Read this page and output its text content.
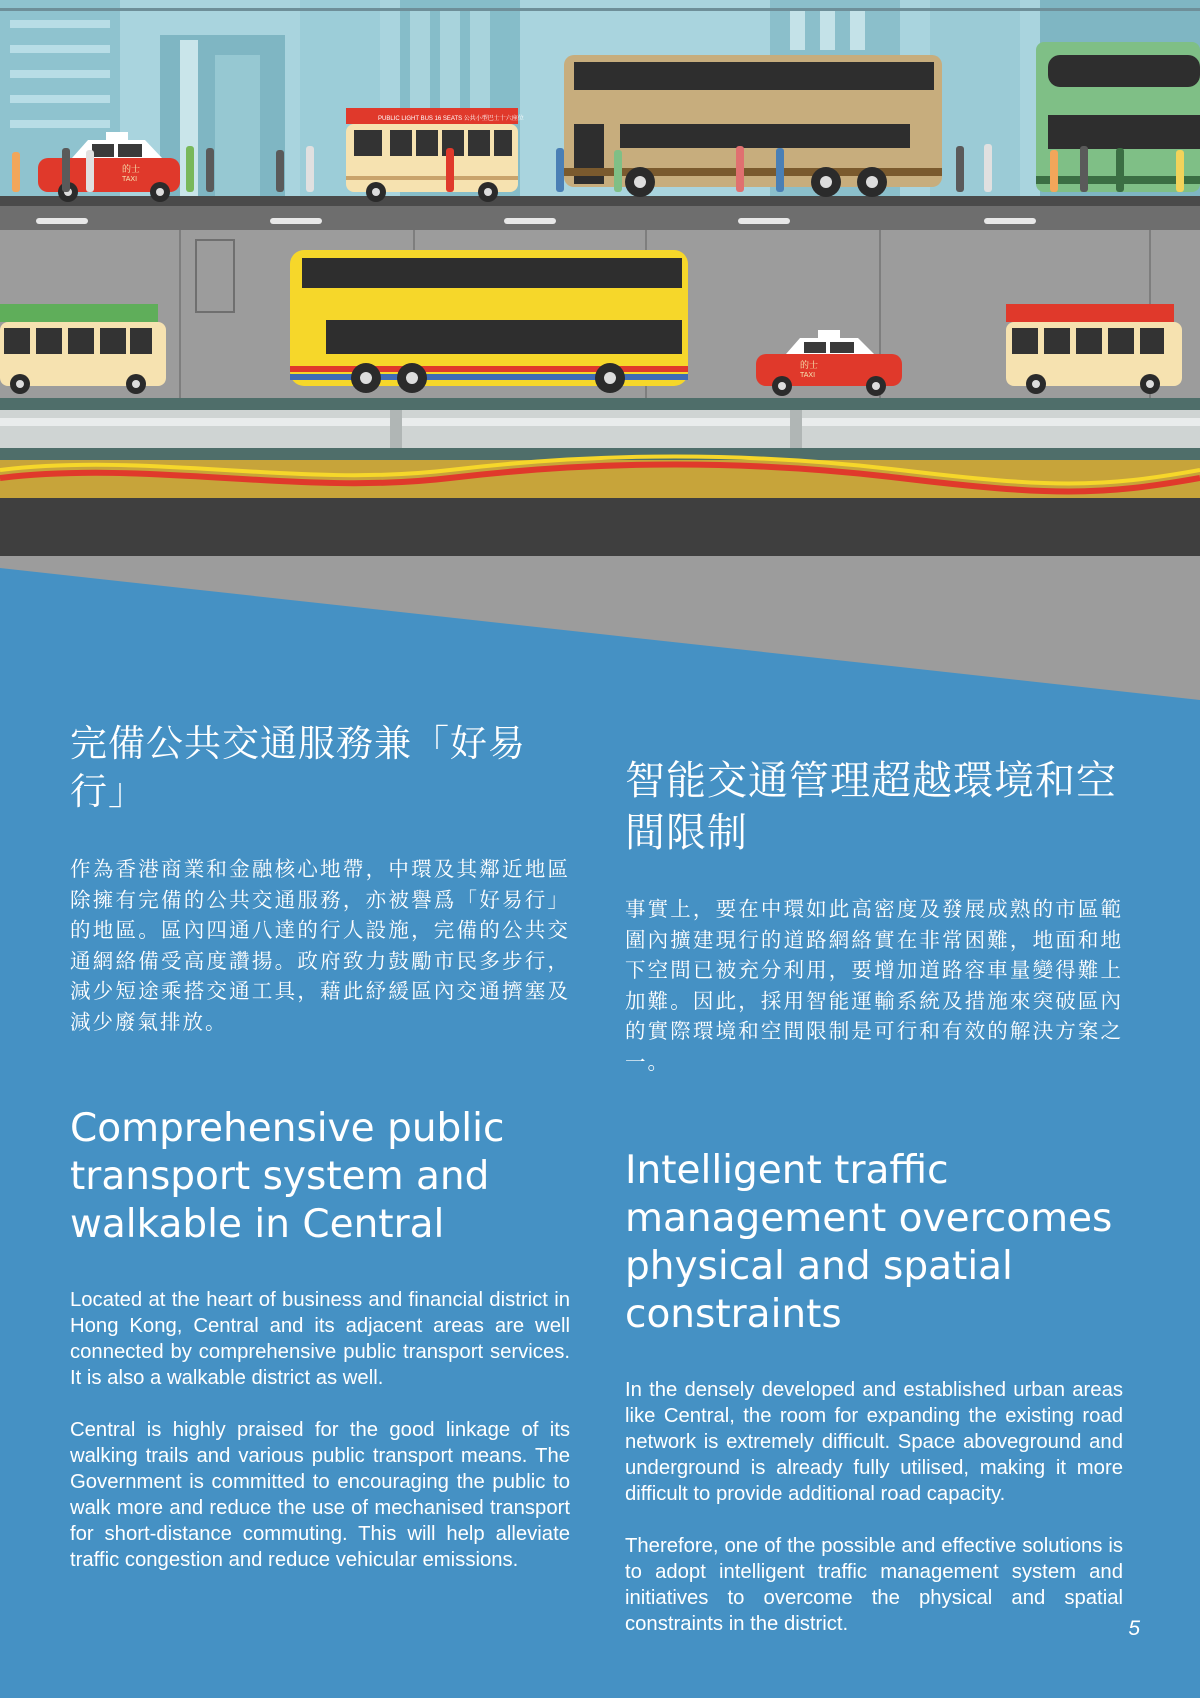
的士
TAXI
PUBLIC LIGHT BUS 16 SEATS 公共小型巴士十六座位
的士
TAXI
完備公共交通服務兼「好易行」

作為香港商業和金融核心地帶，中環及其鄰近地區除擁有完備的公共交通服務，亦被譽爲「好易行」的地區。區內四通八達的行人設施，完備的公共交通網絡備受高度讚揚。政府致力鼓勵市民多步行，減少短途乘搭交通工具，藉此紓緩區內交通擠塞及減少廢氣排放。

Comprehensive public transport system and walkable in Central

Located at the heart of business and financial district in Hong Kong, Central and its adjacent areas are well connected by comprehensive public transport services. It is also a walkable district as well.

Central is highly praised for the good linkage of its walking trails and various public transport means. The Government is committed to encouraging the public to walk more and reduce the use of mechanised transport for short-distance commuting. This will help alleviate traffic congestion and reduce vehicular emissions.

智能交通管理超越環境和空間限制

事實上，要在中環如此高密度及發展成熟的市區範圍內擴建現行的道路網絡實在非常困難，地面和地下空間已被充分利用，要增加道路容車量變得難上加難。因此，採用智能運輸系統及措施來突破區內的實際環境和空間限制是可行和有效的解決方案之一。

Intelligent traffic management overcomes physical and spatial constraints

In the densely developed and established urban areas like Central, the room for expanding the existing road network is extremely difficult. Space aboveground and underground is already fully utilised, making it more difficult to provide additional road capacity.

Therefore, one of the possible and effective solutions is to adopt intelligent traffic management system and initiatives to overcome the physical and spatial constraints in the district.	5
